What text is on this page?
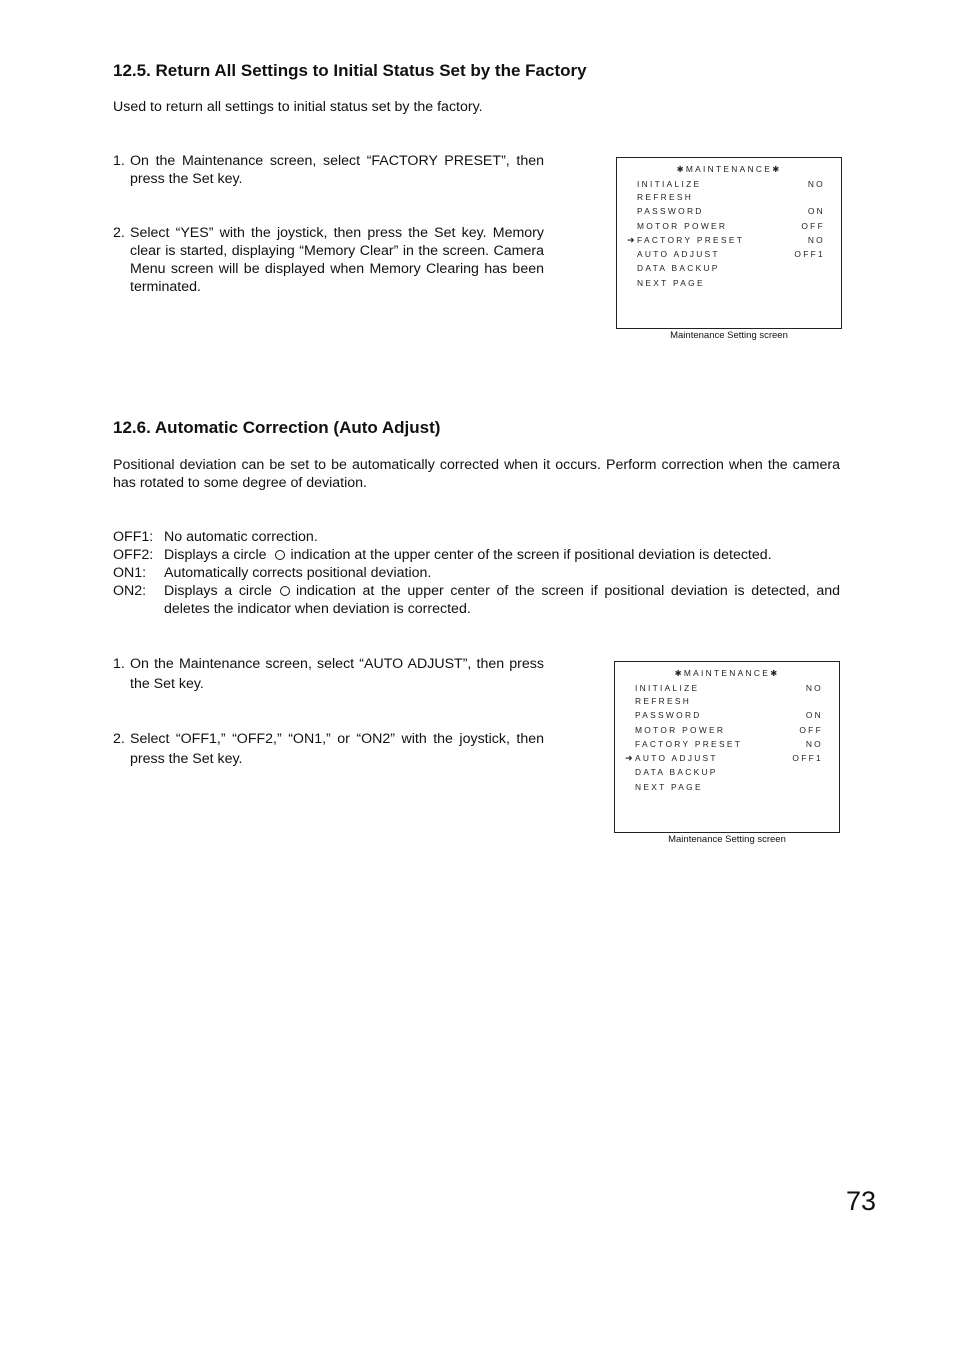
12.5. Return All Settings to Initial Status Set by the Factory
Used to return all settings to initial status set by the factory.
1. On the Maintenance screen, select “FACTORY PRESET”, then press the Set key.
2. Select “YES” with the joystick, then press the Set key. Memory clear is started, displaying “Memory Clear” in the screen. Camera Menu screen will be displayed when Memory Clearing has been terminated.
✱MAINTENANCE✱
INITIALIZE	NO
REFRESH
PASSWORD	ON
MOTOR POWER	OFF
➜ FACTORY PRESET	NO
AUTO ADJUST	OFF1
DATA BACKUP
NEXT PAGE
Maintenance Setting screen
12.6. Automatic Correction (Auto Adjust)
Positional deviation can be set to be automatically corrected when it occurs. Perform correction when the camera has rotated to some degree of deviation.
OFF1: No automatic correction.
OFF2: Displays a circle indication at the upper center of the screen if positional deviation is detected.
ON1:	Automatically corrects positional deviation.
ON2:	Displays a circle indication at the upper center of the screen if positional deviation is detected, and deletes the indicator when deviation is corrected.
1. On the Maintenance screen, select “AUTO ADJUST”, then press the Set key.
2. Select “OFF1,” “OFF2,” “ON1,” or “ON2” with the joystick, then press the Set key.
✱MAINTENANCE✱
INITIALIZE	NO
REFRESH
PASSWORD	ON
MOTOR POWER	OFF
FACTORY PRESET	NO
➜ AUTO ADJUST	OFF1
DATA BACKUP
NEXT PAGE
Maintenance Setting screen
73
